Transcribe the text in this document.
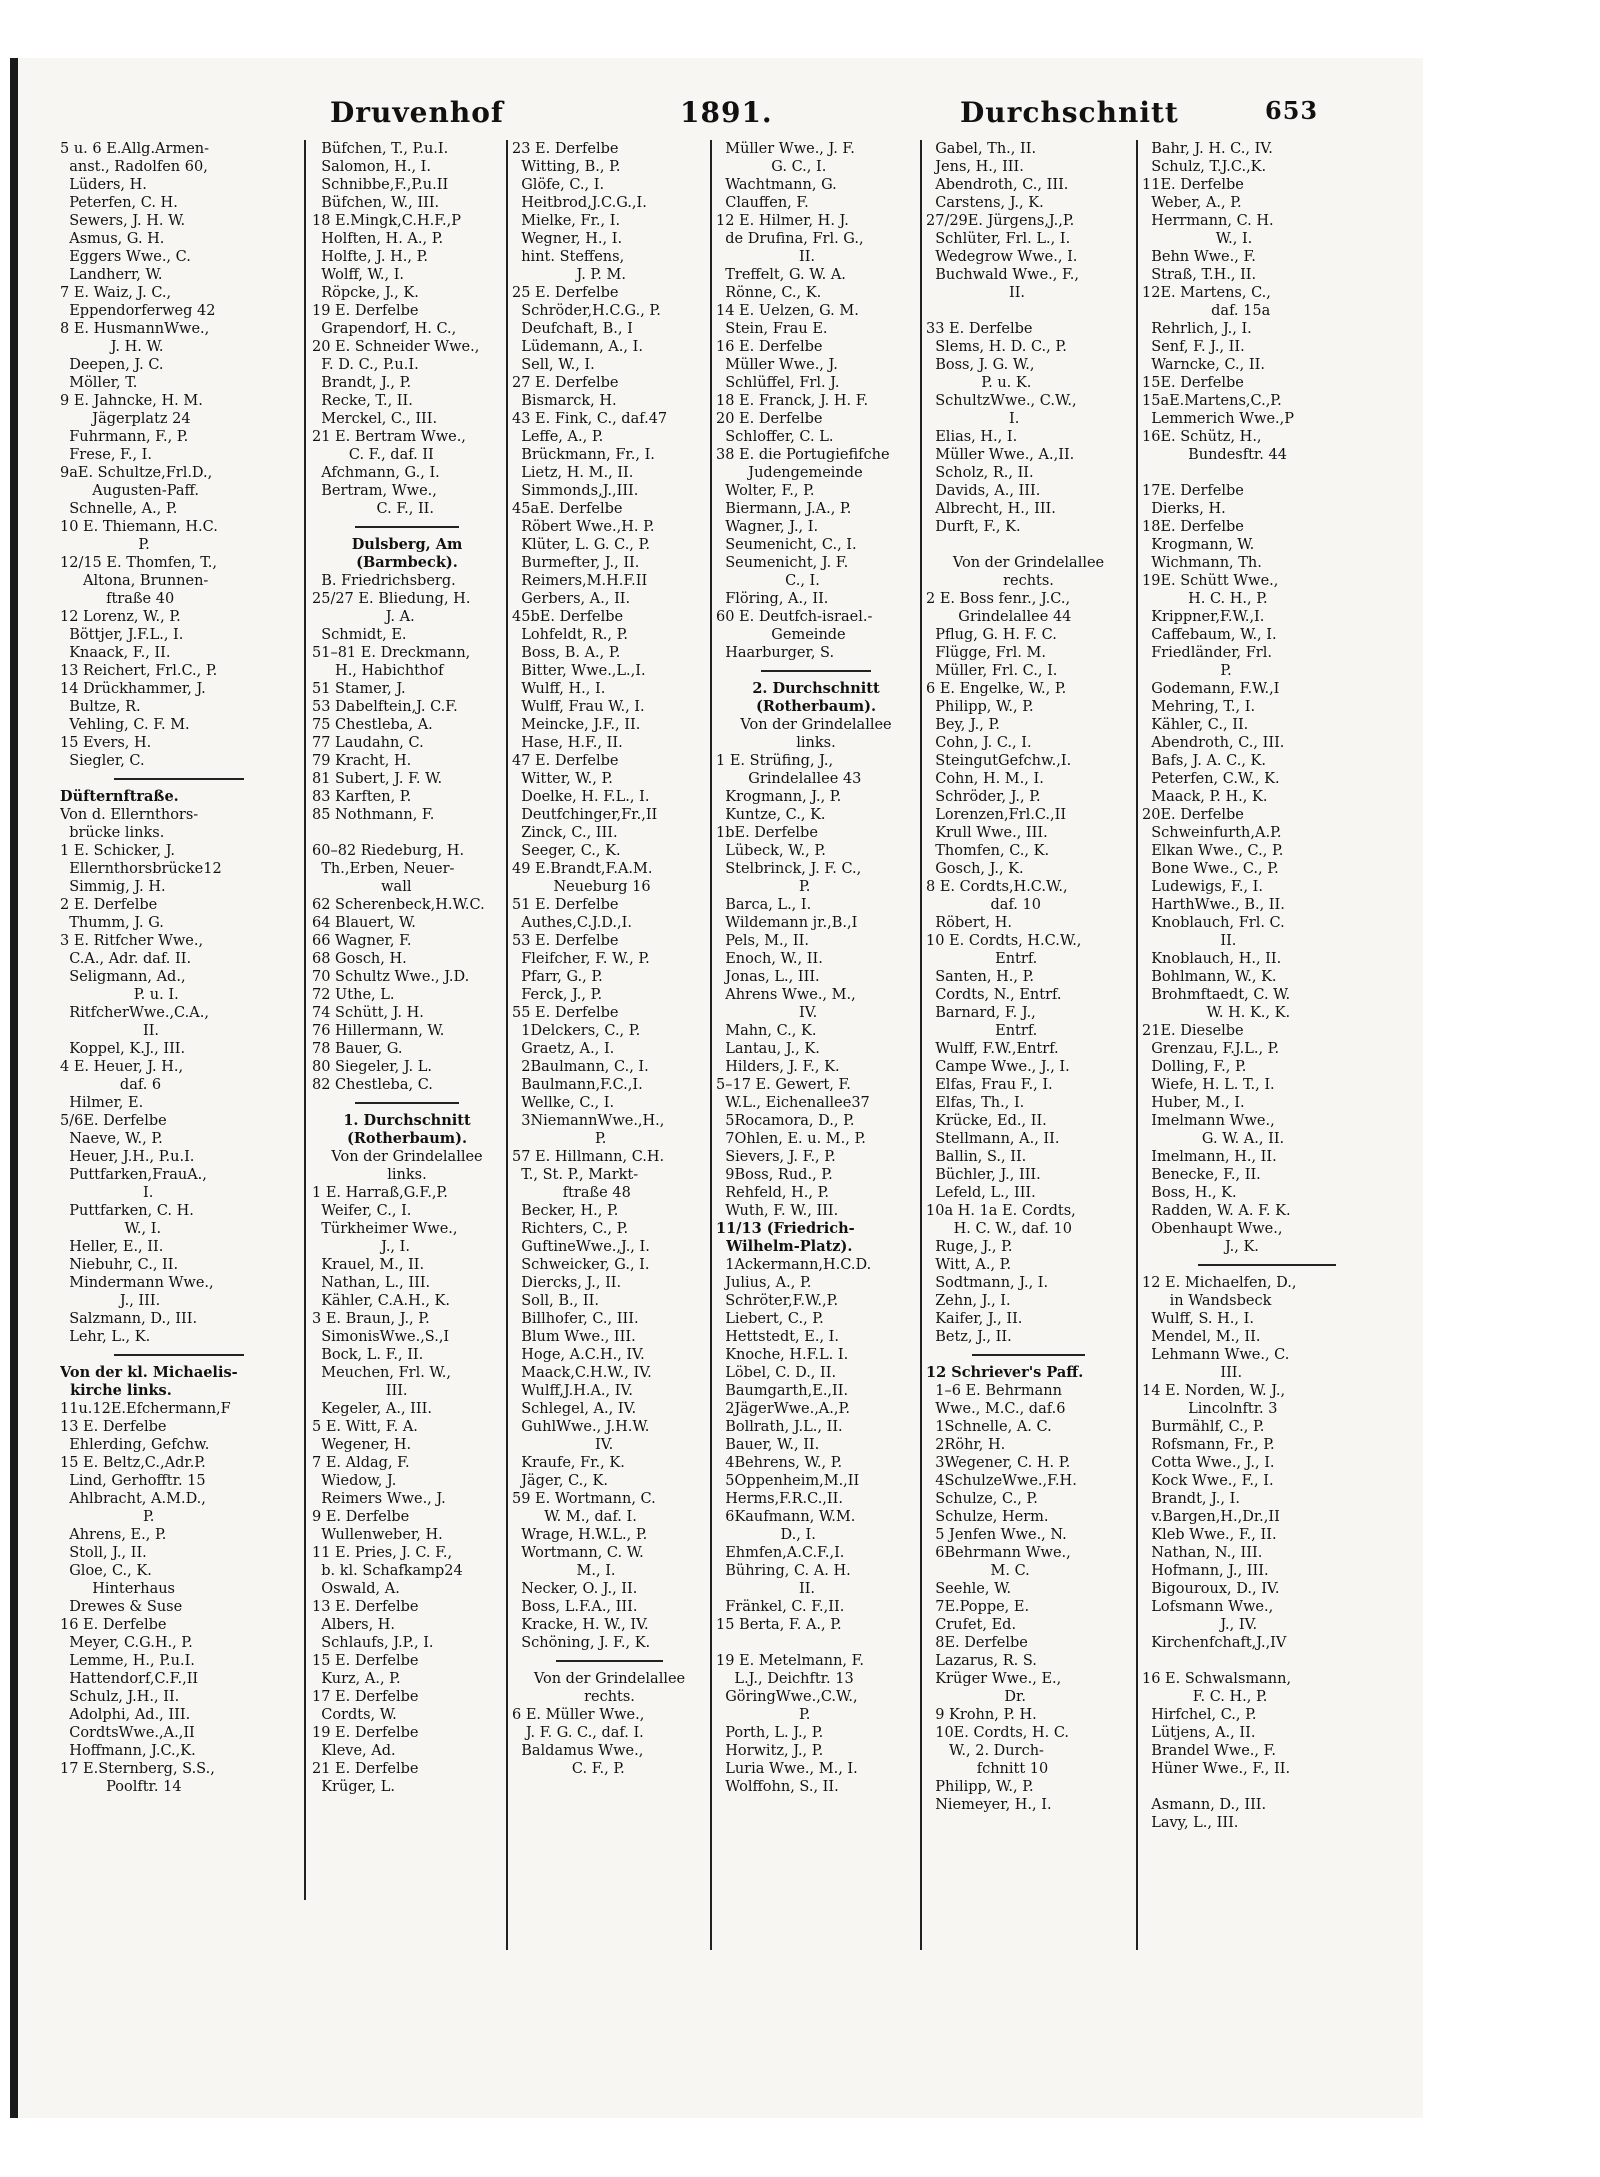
Druvenhof	1891.	Durchschnitt	653
5 u. 6 E.Allg.Armen-
anst., Radolfen 60,
Lüders, H.
Peterfen, C. H.
Sewers, J. H. W.
Asmus, G. H.
Eggers Wwe., C.
Landherr, W.
7 E. Waiz, J. C.,
Eppendorferweg 42
8 E. HusmannWwe.,
J. H. W.
Deepen, J. C.
Möller, T.
9 E. Jahncke, H. M.
Jägerplatz 24
Fuhrmann, F., P.
Frese, F., I.
9aE. Schultze,Frl.D.,
Augusten-Paff.
Schnelle, A., P.
10 E. Thiemann, H.C.
P.
12/15 E. Thomfen, T.,
Altona, Brunnen-
ftraße 40
12 Lorenz, W., P.
Böttjer, J.F.L., I.
Knaack, F., II.
13 Reichert, Frl.C., P.
14 Drückhammer, J.
Bultze, R.
Vehling, C. F. M.
15 Evers, H.
Siegler, C.
Düfternftraße.
Von d. Ellernthors-
brücke links.
1 E. Schicker, J.
Ellernthorsbrücke12
Simmig, J. H.
2 E. Derfelbe
Thumm, J. G.
3 E. Ritfcher Wwe.,
C.A., Adr. daf. II.
Seligmann, Ad.,
P. u. I.
RitfcherWwe.,C.A.,
II.
Koppel, K.J., III.
4 E. Heuer, J. H.,
daf. 6
Hilmer, E.
5/6E. Derfelbe
Naeve, W., P.
Heuer, J.H., P.u.I.
Puttfarken,FrauA.,
I.
Puttfarken, C. H.
W., I.
Heller, E., II.
Niebuhr, C., II.
Mindermann Wwe.,
J., III.
Salzmann, D., III.
Lehr, L., K.
Von der kl. Michaelis-
kirche links.
11u.12E.Efchermann,F
13 E. Derfelbe
Ehlerding, Gefchw.
15 E. Beltz,C.,Adr.P.
Lind, Gerhofftr. 15
Ahlbracht, A.M.D.,
P.
Ahrens, E., P.
Stoll, J., II.
Gloe, C., K.
Hinterhaus
Drewes & Suse
16 E. Derfelbe
Meyer, C.G.H., P.
Lemme, H., P.u.I.
Hattendorf,C.F.,II
Schulz, J.H., II.
Adolphi, Ad., III.
CordtsWwe.,A.,II
Hoffmann, J.C.,K.
17 E.Sternberg, S.S.,
Poolftr. 14
Büfchen, T., P.u.I.
Salomon, H., I.
Schnibbe,F.,P.u.II
Büfchen, W., III.
18 E.Mingk,C.H.F.,P
Holften, H. A., P.
Holfte, J. H., P.
Wolff, W., I.
Röpcke, J., K.
19 E. Derfelbe
Grapendorf, H. C.,
20 E. Schneider Wwe.,
F. D. C., P.u.I.
Brandt, J., P.
Recke, T., II.
Merckel, C., III.
21 E. Bertram Wwe.,
C. F., daf. II
Afchmann, G., I.
Bertram, Wwe.,
C. F., II.
Dulsberg, Am
(Barmbeck).
B. Friedrichsberg.
25/27 E. Bliedung, H.
J. A.
Schmidt, E.
51–81 E. Dreckmann,
H., Habichthof
51 Stamer, J.
53 Dabelftein,J. C.F.
75 Chestleba, A.
77 Laudahn, C.
79 Kracht, H.
81 Subert, J. F. W.
83 Karften, P.
85 Nothmann, F.
60–82 Riedeburg, H.
Th.,Erben, Neuer-
wall
62 Scherenbeck,H.W.C.
64 Blauert, W.
66 Wagner, F.
68 Gosch, H.
70 Schultz Wwe., J.D.
72 Uthe, L.
74 Schütt, J. H.
76 Hillermann, W.
78 Bauer, G.
80 Siegeler, J. L.
82 Chestleba, C.
1. Durchschnitt
(Rotherbaum).
Von der Grindelallee
links.
1 E. Harraß,G.F.,P.
Weifer, C., I.
Türkheimer Wwe.,
J., I.
Krauel, M., II.
Nathan, L., III.
Kähler, C.A.H., K.
3 E. Braun, J., P.
SimonisWwe.,S.,I
Bock, L. F., II.
Meuchen, Frl. W.,
III.
Kegeler, A., III.
5 E. Witt, F. A.
Wegener, H.
7 E. Aldag, F.
Wiedow, J.
Reimers Wwe., J.
9 E. Derfelbe
Wullenweber, H.
11 E. Pries, J. C. F.,
b. kl. Schafkamp24
Oswald, A.
13 E. Derfelbe
Albers, H.
Schlaufs, J.P., I.
15 E. Derfelbe
Kurz, A., P.
17 E. Derfelbe
Cordts, W.
19 E. Derfelbe
Kleve, Ad.
21 E. Derfelbe
Krüger, L.
23 E. Derfelbe
Witting, B., P.
Glöfe, C., I.
Heitbrod,J.C.G.,I.
Mielke, Fr., I.
Wegner, H., I.
hint. Steffens,
J. P. M.
25 E. Derfelbe
Schröder,H.C.G., P.
Deufchaft, B., I
Lüdemann, A., I.
Sell, W., I.
27 E. Derfelbe
Bismarck, H.
43 E. Fink, C., daf.47
Leffe, A., P.
Brückmann, Fr., I.
Lietz, H. M., II.
Simmonds,J.,III.
45aE. Derfelbe
Röbert Wwe.,H. P.
Klüter, L. G. C., P.
Burmefter, J., II.
Reimers,M.H.F.II
Gerbers, A., II.
45bE. Derfelbe
Lohfeldt, R., P.
Boss, B. A., P.
Bitter, Wwe.,L.,I.
Wulff, H., I.
Wulff, Frau W., I.
Meincke, J.F., II.
Hase, H.F., II.
47 E. Derfelbe
Witter, W., P.
Doelke, H. F.L., I.
Deutfchinger,Fr.,II
Zinck, C., III.
Seeger, C., K.
49 E.Brandt,F.A.M.
Neueburg 16
51 E. Derfelbe
Authes,C.J.D.,I.
53 E. Derfelbe
Fleifcher, F. W., P.
Pfarr, G., P.
Ferck, J., P.
55 E. Derfelbe
1Delckers, C., P.
Graetz, A., I.
2Baulmann, C., I.
Baulmann,F.C.,I.
Wellke, C., I.
3NiemannWwe.,H.,
P.
57 E. Hillmann, C.H.
T., St. P., Markt-
ftraße 48
Becker, H., P.
Richters, C., P.
GuftineWwe.,J., I.
Schweicker, G., I.
Diercks, J., II.
Soll, B., II.
Billhofer, C., III.
Blum Wwe., III.
Hoge, A.C.H., IV.
Maack,C.H.W., IV.
Wulff,J.H.A., IV.
Schlegel, A., IV.
GuhlWwe., J.H.W.
IV.
Kraufe, Fr., K.
Jäger, C., K.
59 E. Wortmann, C.
W. M., daf. I.
Wrage, H.W.L., P.
Wortmann, C. W.
M., I.
Necker, O. J., II.
Boss, L.F.A., III.
Kracke, H. W., IV.
Schöning, J. F., K.
Von der Grindelallee
rechts.
6 E. Müller Wwe.,
J. F. G. C., daf. I.
Baldamus Wwe.,
C. F., P.
Müller Wwe., J. F.
G. C., I.
Wachtmann, G.
Clauffen, F.
12 E. Hilmer, H. J.
de Drufina, Frl. G.,
II.
Treffelt, G. W. A.
Rönne, C., K.
14 E. Uelzen, G. M.
Stein, Frau E.
16 E. Derfelbe
Müller Wwe., J.
Schlüffel, Frl. J.
18 E. Franck, J. H. F.
20 E. Derfelbe
Schloffer, C. L.
38 E. die Portugiefifche
Judengemeinde
Wolter, F., P.
Biermann, J.A., P.
Wagner, J., I.
Seumenicht, C., I.
Seumenicht, J. F.
C., I.
Flöring, A., II.
60 E. Deutfch-israel.-
Gemeinde
Haarburger, S.
2. Durchschnitt
(Rotherbaum).
Von der Grindelallee
links.
1 E. Strüfing, J.,
Grindelallee 43
Krogmann, J., P.
Kuntze, C., K.
1bE. Derfelbe
Lübeck, W., P.
Stelbrinck, J. F. C.,
P.
Barca, L., I.
Wildemann jr.,B.,I
Pels, M., II.
Enoch, W., II.
Jonas, L., III.
Ahrens Wwe., M.,
IV.
Mahn, C., K.
Lantau, J., K.
Hilders, J. F., K.
5–17 E. Gewert, F.
W.L., Eichenallee37
5Rocamora, D., P.
7Ohlen, E. u. M., P.
Sievers, J. F., P.
9Boss, Rud., P.
Rehfeld, H., P.
Wuth, F. W., III.
11/13 (Friedrich-
Wilhelm-Platz).
1Ackermann,H.C.D.
Julius, A., P.
Schröter,F.W.,P.
Liebert, C., P.
Hettstedt, E., I.
Knoche, H.F.L. I.
Löbel, C. D., II.
Baumgarth,E.,II.
2JägerWwe.,A.,P.
Bollrath, J.L., II.
Bauer, W., II.
4Behrens, W., P.
5Oppenheim,M.,II
Herms,F.R.C.,II.
6Kaufmann, W.M.
D., I.
Ehmfen,A.C.F.,I.
Bühring, C. A. H.
II.
Fränkel, C. F.,II.
15 Berta, F. A., P.
19 E. Metelmann, F.
L.J., Deichftr. 13
GöringWwe.,C.W.,
P.
Porth, L. J., P.
Horwitz, J., P.
Luria Wwe., M., I.
Wolffohn, S., II.
Gabel, Th., II.
Jens, H., III.
Abendroth, C., III.
Carstens, J., K.
27/29E. Jürgens,J.,P.
Schlüter, Frl. L., I.
Wedegrow Wwe., I.
Buchwald Wwe., F.,
II.
33 E. Derfelbe
Slems, H. D. C., P.
Boss, J. G. W.,
P. u. K.
SchultzWwe., C.W.,
I.
Elias, H., I.
Müller Wwe., A.,II.
Scholz, R., II.
Davids, A., III.
Albrecht, H., III.
Durft, F., K.
Von der Grindelallee
rechts.
2 E. Boss fenr., J.C.,
Grindelallee 44
Pflug, G. H. F. C.
Flügge, Frl. M.
Müller, Frl. C., I.
6 E. Engelke, W., P.
Philipp, W., P.
Bey, J., P.
Cohn, J. C., I.
SteingutGefchw.,I.
Cohn, H. M., I.
Schröder, J., P.
Lorenzen,Frl.C.,II
Krull Wwe., III.
Thomfen, C., K.
Gosch, J., K.
8 E. Cordts,H.C.W.,
daf. 10
Röbert, H.
10 E. Cordts, H.C.W.,
Entrf.
Santen, H., P.
Cordts, N., Entrf.
Barnard, F. J.,
Entrf.
Wulff, F.W.,Entrf.
Campe Wwe., J., I.
Elfas, Frau F., I.
Elfas, Th., I.
Krücke, Ed., II.
Stellmann, A., II.
Ballin, S., II.
Büchler, J., III.
Lefeld, L., III.
10a H. 1a E. Cordts,
H. C. W., daf. 10
Ruge, J., P.
Witt, A., P.
Sodtmann, J., I.
Zehn, J., I.
Kaifer, J., II.
Betz, J., II.
12 Schriever's Paff.
1–6 E. Behrmann
Wwe., M.C., daf.6
1Schnelle, A. C.
2Röhr, H.
3Wegener, C. H. P.
4SchulzeWwe.,F.H.
Schulze, C., P.
Schulze, Herm.
5 Jenfen Wwe., N.
6Behrmann Wwe.,
M. C.
Seehle, W.
7E.Poppe, E.
Crufet, Ed.
8E. Derfelbe
Lazarus, R. S.
Krüger Wwe., E.,
Dr.
9 Krohn, P. H.
10E. Cordts, H. C.
W., 2. Durch-
fchnitt 10
Philipp, W., P.
Niemeyer, H., I.
Bahr, J. H. C., IV.
Schulz, T.J.C.,K.
11E. Derfelbe
Weber, A., P.
Herrmann, C. H.
W., I.
Behn Wwe., F.
Straß, T.H., II.
12E. Martens, C.,
daf. 15a
Rehrlich, J., I.
Senf, F. J., II.
Warncke, C., II.
15E. Derfelbe
15aE.Martens,C.,P.
Lemmerich Wwe.,P
16E. Schütz, H.,
Bundesftr. 44
17E. Derfelbe
Dierks, H.
18E. Derfelbe
Krogmann, W.
Wichmann, Th.
19E. Schütt Wwe.,
H. C. H., P.
Krippner,F.W.,I.
Caffebaum, W., I.
Friedländer, Frl.
P.
Godemann, F.W.,I
Mehring, T., I.
Kähler, C., II.
Abendroth, C., III.
Bafs, J. A. C., K.
Peterfen, C.W., K.
Maack, P. H., K.
20E. Derfelbe
Schweinfurth,A.P.
Elkan Wwe., C., P.
Bone Wwe., C., P.
Ludewigs, F., I.
HarthWwe., B., II.
Knoblauch, Frl. C.
II.
Knoblauch, H., II.
Bohlmann, W., K.
Brohmftaedt, C. W.
W. H. K., K.
21E. Dieselbe
Grenzau, F.J.L., P.
Dolling, F., P.
Wiefe, H. L. T., I.
Huber, M., I.
Imelmann Wwe.,
G. W. A., II.
Imelmann, H., II.
Benecke, F., II.
Boss, H., K.
Radden, W. A. F. K.
Obenhaupt Wwe.,
J., K.
12 E. Michaelfen, D.,
in Wandsbeck
Wulff, S. H., I.
Mendel, M., II.
Lehmann Wwe., C.
III.
14 E. Norden, W. J.,
Lincolnftr. 3
Burmählf, C., P.
Rofsmann, Fr., P.
Cotta Wwe., J., I.
Kock Wwe., F., I.
Brandt, J., I.
v.Bargen,H.,Dr.,II
Kleb Wwe., F., II.
Nathan, N., III.
Hofmann, J., III.
Bigouroux, D., IV.
Lofsmann Wwe.,
J., IV.
Kirchenfchaft,J.,IV
16 E. Schwalsmann,
F. C. H., P.
Hirfchel, C., P.
Lütjens, A., II.
Brandel Wwe., F.
Hüner Wwe., F., II.
Asmann, D., III.
Lavy, L., III.
